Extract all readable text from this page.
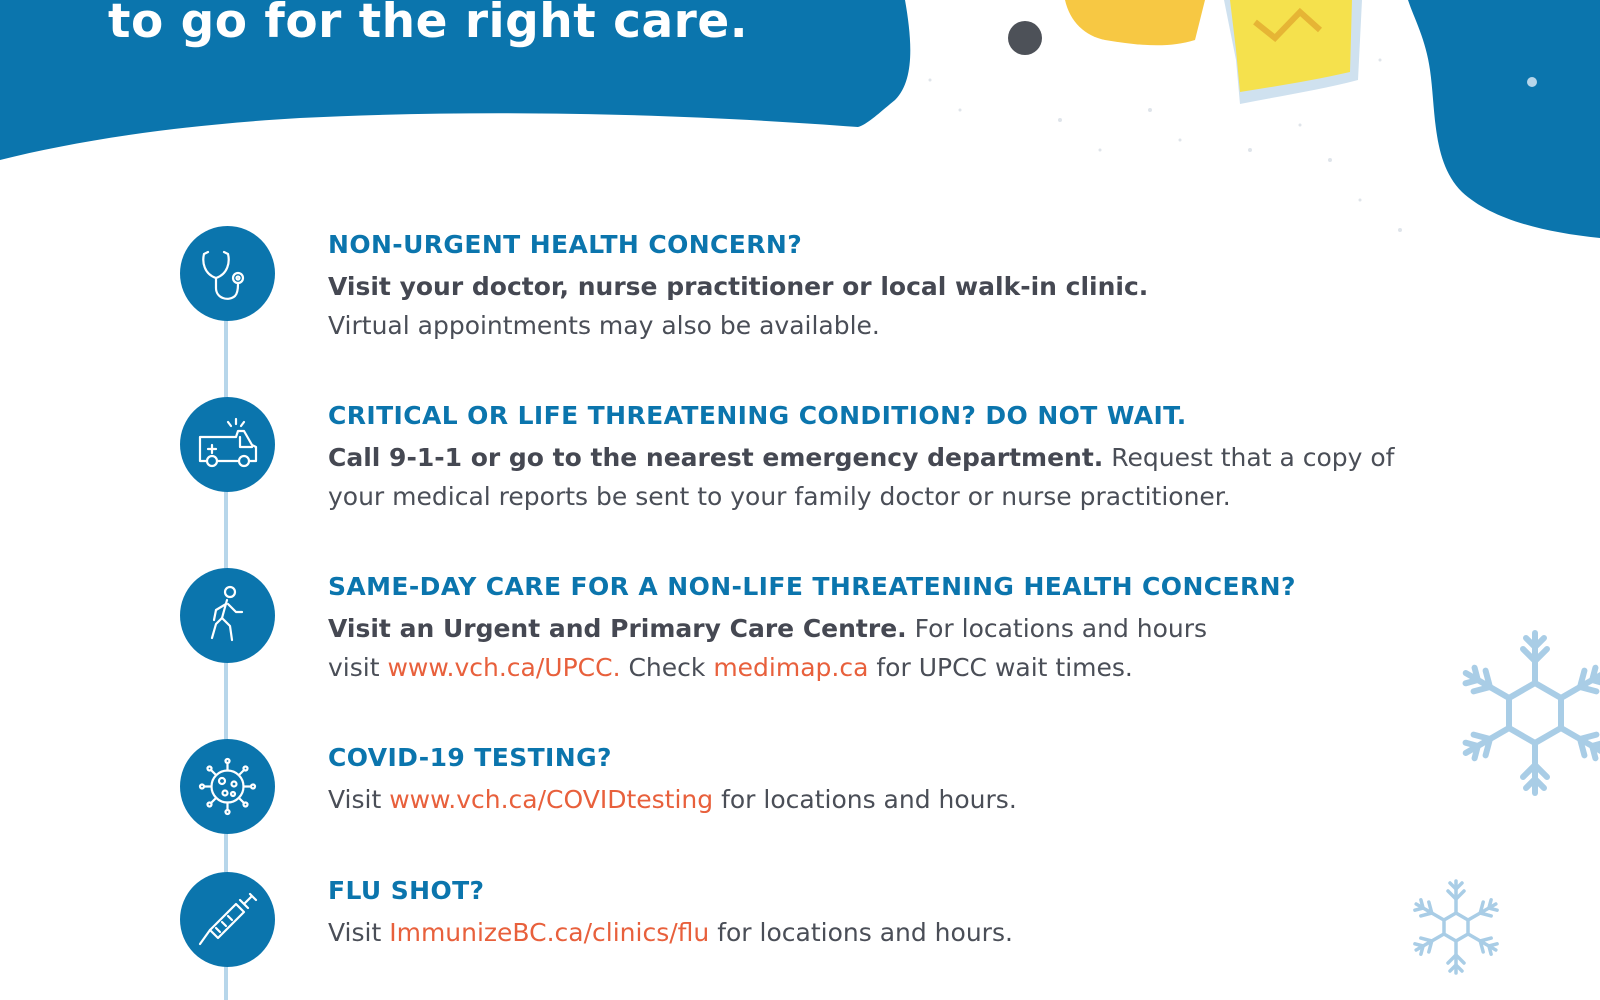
to go for the right care.

NON-URGENT HEALTH CONCERN?

Visit your doctor, nurse practitioner or local walk-in clinic.
Virtual appointments may also be available.

CRITICAL OR LIFE THREATENING CONDITION? DO NOT WAIT.

Call 9-1-1 or go to the nearest emergency department. Request that a copy of your medical reports be sent to your family doctor or nurse practitioner.

SAME-DAY CARE FOR A NON-LIFE THREATENING HEALTH CONCERN?

Visit an Urgent and Primary Care Centre. For locations and hours
visit www.vch.ca/UPCC. Check medimap.ca for UPCC wait times.

COVID-19 TESTING?

Visit www.vch.ca/COVIDtesting for locations and hours.

FLU SHOT?

Visit ImmunizeBC.ca/clinics/flu for locations and hours.
